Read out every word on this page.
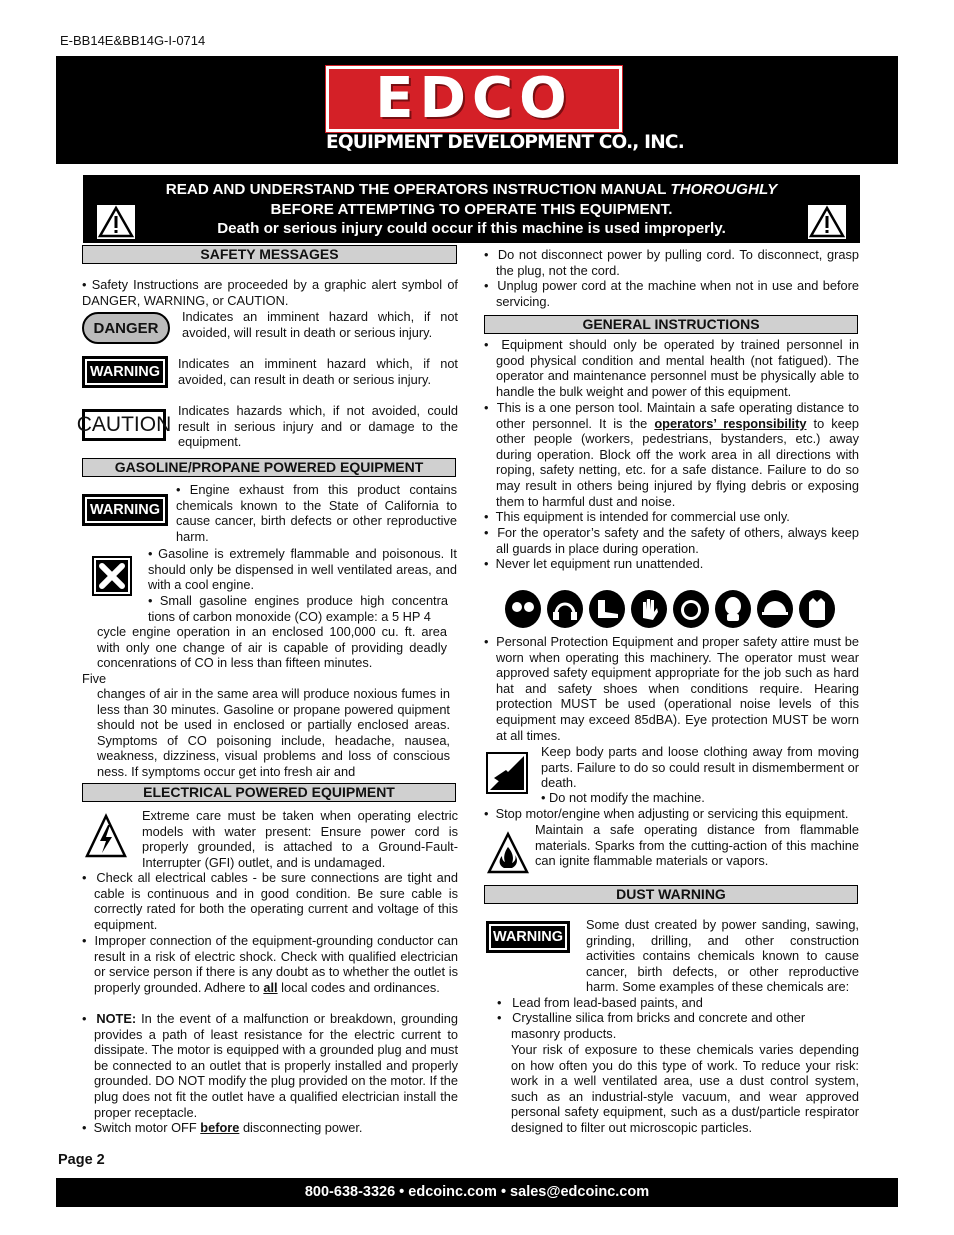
E-BB14E&BB14G-I-0714
EDCO
EQUIPMENT DEVELOPMENT CO., INC.
READ AND UNDERSTAND THE OPERATORS INSTRUCTION MANUAL THOROUGHLY
BEFORE ATTEMPTING TO OPERATE THIS EQUIPMENT.
Death or serious injury could occur if this machine is used improperly.
SAFETY MESSAGES
• Safety Instructions are proceeded by a graphic alert symbol of DANGER, WARNING, or CAUTION.
DANGER
Indicates an imminent hazard which, if not avoided, will result in death or serious injury.
WARNING
Indicates an imminent hazard which, if not avoided, can result in death or serious injury.
CAUTION
Indicates hazards which, if not avoided, could result in serious injury and or damage to the equipment.
GASOLINE/PROPANE POWERED EQUIPMENT
WARNING
• Engine exhaust from this product contains chemicals known to the State of California to cause cancer, birth defects or other reproductive harm.
• Gasoline is extremely flammable and poisonous. It should only be dispensed in well ventilated areas, and with a cool engine.
• Small gasoline engines produce high concentra tions of carbon monoxide (CO) example: a 5 HP 4
cycle engine operation in an enclosed 100,000 cu. ft. area with only one change of air is capable of providing deadly concenrations of CO in less than fifteen minutes.
Five
changes of air in the same area will produce noxious fumes in less than 30 minutes. Gasoline or propane powered quipment should not be used in enclosed or partially enclosed areas. Symptoms of CO poisoning include, headache, nausea, weakness, dizziness, visual problems and loss of conscious ness. If symptoms occur get into fresh air and
ELECTRICAL POWERED EQUIPMENT
Extreme care must be taken when operating electric models with water present: Ensure power cord is properly grounded, is attached to a Ground-Fault-Interrupter (GFI) outlet, and is undamaged.
•  Check all electrical cables - be sure connections are tight and cable is continuous and in good condition. Be sure cable is correctly rated for both the operating current and voltage of this equipment.
•  Improper connection of the equipment-grounding conductor can result in a risk of electric shock. Check with qualified electrician or service person if there is any doubt as to whether the outlet is properly grounded. Adhere to all local codes and ordinances.
•  NOTE: In the event of a malfunction or breakdown, grounding provides a path of least resistance for the electric current to dissipate. The motor is equipped with a grounded plug and must be connected to an outlet that is properly installed and properly grounded. DO NOT modify the plug provided on the motor. If the plug does not fit the outlet have a qualified electrician install the proper receptacle.
•  Switch motor OFF before disconnecting power.
•  Do not disconnect power by pulling cord. To disconnect, grasp the plug, not the cord.
•  Unplug power cord at the machine when not in use and before servicing.
GENERAL INSTRUCTIONS
•  Equipment should only be operated by trained personnel in good physical condition and mental health (not fatigued). The operator and maintenance personnel must be physically able to handle the bulk weight and power of this equipment.
•  This is a one person tool. Maintain a safe operating distance to other personnel. It is the operators’ responsibility to keep other people (workers, pedestrians, bystanders, etc.) away during operation. Block off the work area in all directions with roping, safety netting, etc. for a safe distance. Failure to do so may result in others being injured by flying debris or exposing them to harmful dust and noise.
•  This equipment is intended for commercial use only.
•  For the operator’s safety and the safety of others, always keep all guards in place during operation.
•  Never let equipment run unattended.
•  Personal Protection Equipment and proper safety attire must be worn when operating this machinery. The operator must wear approved safety equipment appropriate for the job such as hard hat and safety shoes when conditions require. Hearing protection MUST be used (operational noise levels of this equipment may exceed 85dBA). Eye protection MUST be worn at all times.
Keep body parts and loose clothing away from moving parts. Failure to do so could result in dismemberment or death.
• Do not modify the machine.
•  Stop motor/engine when adjusting or servicing this equipment.
Maintain a safe operating distance from flammable materials. Sparks from the cutting-action of this machine can ignite flammable materials or vapors.
DUST WARNING
WARNING
Some dust created by power sanding, sawing, grinding, drilling, and other construction activities contains chemicals known to cause cancer, birth defects, or other reproductive harm. Some examples of these chemicals are:
•   Lead from lead-based paints, and
•   Crystalline silica from bricks and concrete and other masonry products.
Your risk of exposure to these chemicals varies depending on how often you do this type of work. To reduce your risk: work in a well ventilated area, use a dust control system, such as an industrial-style vacuum, and wear approved personal safety equipment, such as a dust/particle respirator designed to filter out microscopic particles.
Page 2
800-638-3326 • edcoinc.com • sales@edcoinc.com
